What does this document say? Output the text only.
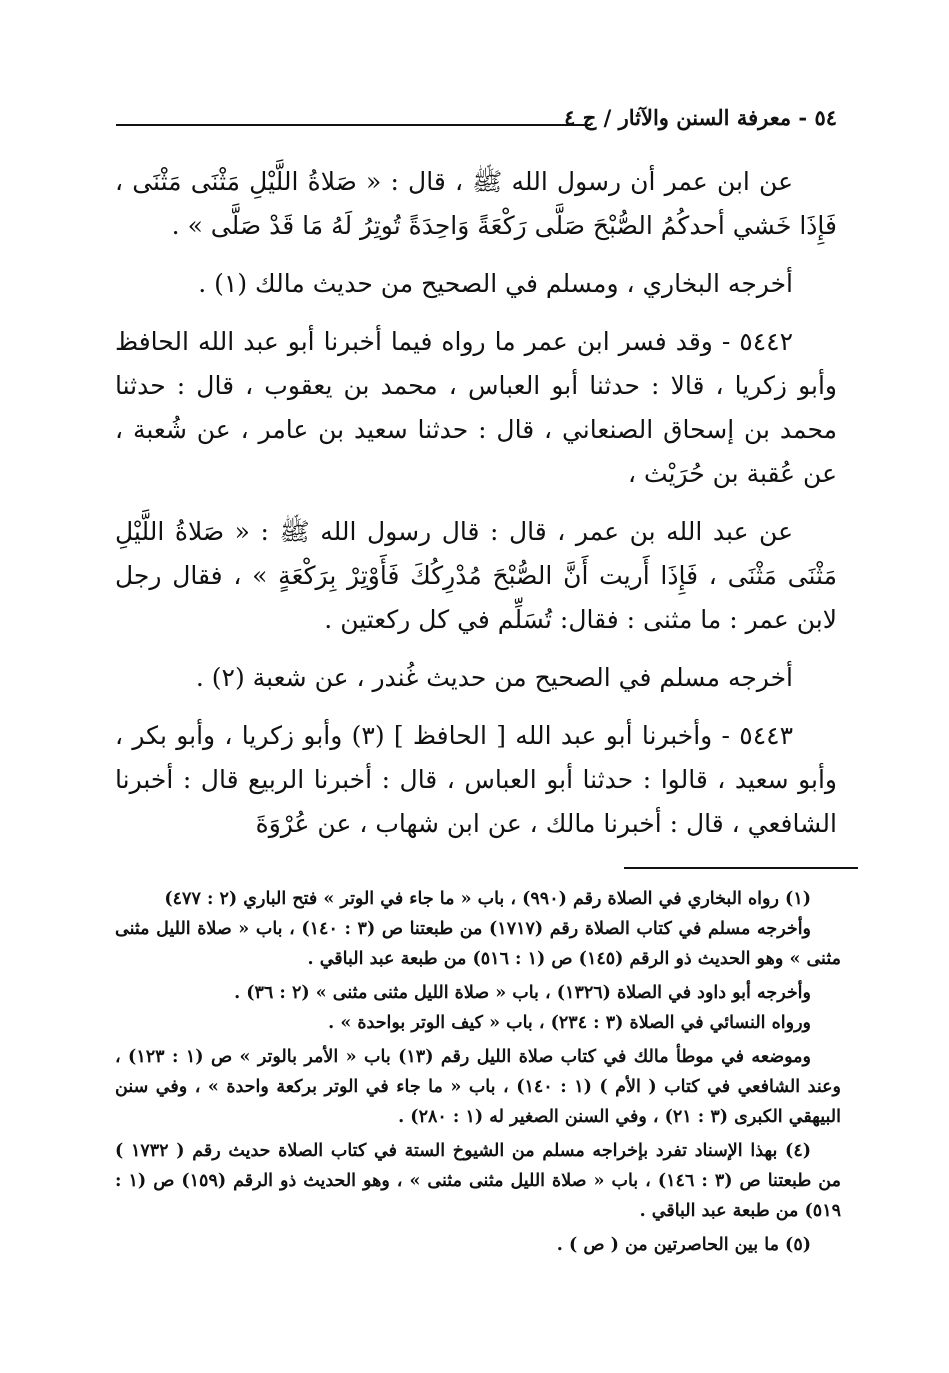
٥٤ - معرفة السنن والآثار / ج ٤

عن ابن عمر أن رسول الله ﷺ ، قال : « صَلاةُ اللَّيْلِ مَثْنَى مَثْنَى ، فَإِذَا خَشي أحدكُمُ الصُّبْحَ صَلَّى رَكْعَةً وَاحِدَةً تُوتِرُ لَهُ مَا قَدْ صَلَّى » .

أخرجه البخاري ، ومسلم في الصحيح من حديث مالك (١) .

٥٤٤٢ - وقد فسر ابن عمر ما رواه فيما أخبرنا أبو عبد الله الحافظ وأبو زكريا ، قالا : حدثنا أبو العباس ، محمد بن يعقوب ، قال : حدثنا محمد بن إسحاق الصنعاني ، قال : حدثنا سعيد بن عامر ، عن شُعبة ، عن عُقبة بن حُرَيْث ،

عن عبد الله بن عمر ، قال : قال رسول الله ﷺ : « صَلاةُ اللَّيْلِ مَثْنَى مَثْنَى ، فَإِذَا أَريت أَنَّ الصُّبْحَ مُدْرِكُكَ فَأَوْتِرْ بِرَكْعَةٍ » ، فقال رجل لابن عمر : ما مثنى : فقال: تُسَلِّم في كل ركعتين .

أخرجه مسلم في الصحيح من حديث غُندر ، عن شعبة (٢) .

٥٤٤٣ - وأخبرنا أبو عبد الله [ الحافظ ] (٣) وأبو زكريا ، وأبو بكر ، وأبو سعيد ، قالوا : حدثنا أبو العباس ، قال : أخبرنا الربيع قال : أخبرنا الشافعي ، قال : أخبرنا مالك ، عن ابن شهاب ، عن عُرْوَةَ

(١) رواه البخاري في الصلاة رقم (٩٩٠) ، باب « ما جاء في الوتر » فتح الباري (٢ : ٤٧٧)

وأخرجه مسلم في كتاب الصلاة رقم (١٧١٧) من طبعتنا ص (٣ : ١٤٠) ، باب « صلاة الليل مثنى مثنى » وهو الحديث ذو الرقم (١٤٥) ص (١ : ٥١٦) من طبعة عبد الباقي .

وأخرجه أبو داود في الصلاة (١٣٢٦) ، باب « صلاة الليل مثنى مثنى » (٢ : ٣٦) .

ورواه النسائي في الصلاة (٣ : ٢٣٤) ، باب « كيف الوتر بواحدة » .

وموضعه في موطأ مالك في كتاب صلاة الليل رقم (١٣) باب « الأمر بالوتر » ص (١ : ١٢٣) ، وعند الشافعي في كتاب ( الأم ) (١ : ١٤٠) ، باب « ما جاء في الوتر بركعة واحدة » ، وفي سنن البيهقي الكبرى (٣ : ٢١) ، وفي السنن الصغير له (١ : ٢٨٠) .

(٤) بهذا الإسناد تفرد بإخراجه مسلم من الشيوخ الستة في كتاب الصلاة حديث رقم ( ١٧٣٢ ) من طبعتنا ص (٣ : ١٤٦) ، باب « صلاة الليل مثنى مثنى » ، وهو الحديث ذو الرقم (١٥٩) ص (١ : ٥١٩) من طبعة عبد الباقي .

(٥) ما بين الحاصرتين من ( ص ) .
